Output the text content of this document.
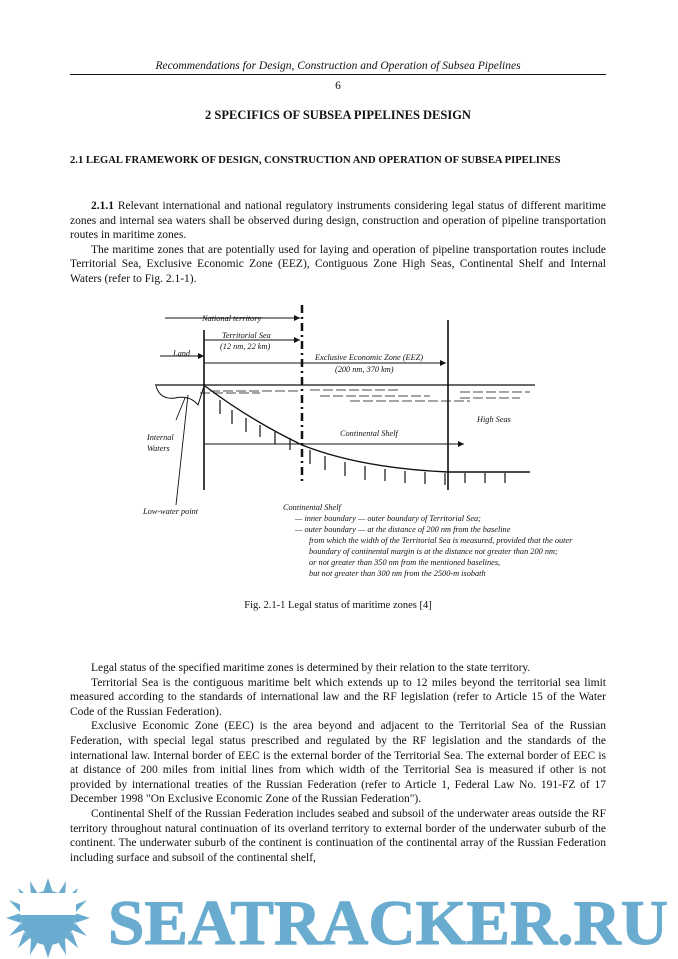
Recommendations for Design, Construction and Operation of Subsea Pipelines
6
2 SPECIFICS OF SUBSEA PIPELINES DESIGN
2.1 LEGAL FRAMEWORK OF DESIGN, CONSTRUCTION AND OPERATION OF SUBSEA PIPELINES

2.1.1 Relevant international and national regulatory instruments considering legal status of different maritime zones and internal sea waters shall be observed during design, construction and operation of pipeline transportation routes in maritime zones.

The maritime zones that are potentially used for laying and operation of pipeline transportation routes include Territorial Sea, Exclusive Economic Zone (EEZ), Contiguous Zone High Seas, Continental Shelf and Internal Waters (refer to Fig. 2.1-1).

National territory
Territorial Sea
(12 nm, 22 km)
Land	Exclusive Economic Zone (EEZ)
(200 nm, 370 km)
High Seas
Continental Shelf
Internal
Waters
Low-water point	Continental Shelf
— inner boundary — outer boundary of Territorial Sea;
— outer boundary — at the distance of 200 nm from the baseline
from which the width of the Territorial Sea is measured, provided that the outer
boundary of continental margin is at the distance not greater than 200 nm;
or not greater than 350 nm from the mentioned baselines,
but not greater than 300 nm from the 2500-m isobath
Fig. 2.1-1 Legal status of maritime zones [4]

Legal status of the specified maritime zones is determined by their relation to the state territory.

Territorial Sea is the contiguous maritime belt which extends up to 12 miles beyond the territorial sea limit measured according to the standards of international law and the RF legislation (refer to Article 15 of the Water Code of the Russian Federation).

Exclusive Economic Zone (EEC) is the area beyond and adjacent to the Territorial Sea of the Russian Federation, with special legal status prescribed and regulated by the RF legislation and the standards of the international law. Internal border of EEC is the external border of the Territorial Sea. The external border of EEC is at distance of 200 miles from initial lines from which width of the Territorial Sea is measured if other is not provided by international treaties of the Russian Federation (refer to Article 1, Federal Law No. 191-FZ of 17 December 1998 "On Exclusive Economic Zone of the Russian Federation").

Continental Shelf of the Russian Federation includes seabed and subsoil of the underwater areas outside the RF territory throughout natural continuation of its overland territory to external border of the underwater suburb of the continent. The underwater suburb of the continent is continuation of the continental array of the Russian Federation including surface and subsoil of the continental shelf,

SEATRACKER.RU
